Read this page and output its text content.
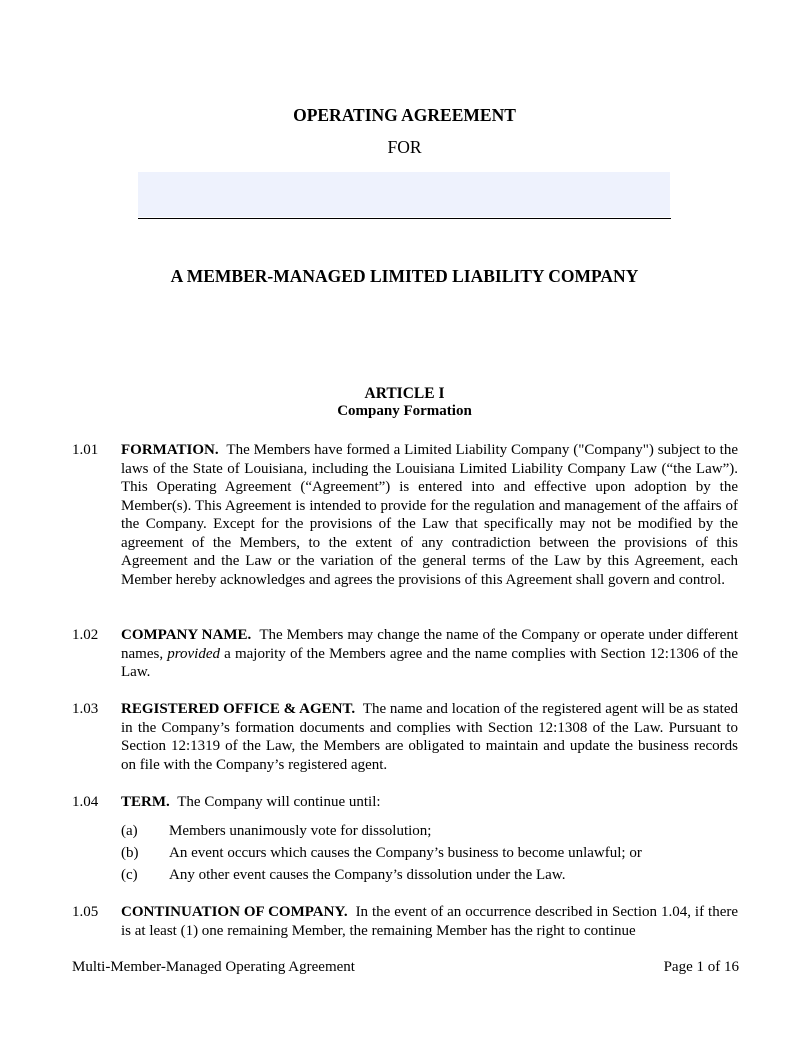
OPERATING AGREEMENT
FOR
A MEMBER-MANAGED LIMITED LIABILITY COMPANY
ARTICLE I
Company Formation
1.01	FORMATION. The Members have formed a Limited Liability Company ("Company") subject to the laws of the State of Louisiana, including the Louisiana Limited Liability Company Law (“the Law”). This Operating Agreement (“Agreement”) is entered into and effective upon adoption by the Member(s). This Agreement is intended to provide for the regulation and management of the affairs of the Company. Except for the provisions of the Law that specifically may not be modified by the agreement of the Members, to the extent of any contradiction between the provisions of this Agreement and the Law or the variation of the general terms of the Law by this Agreement, each Member hereby acknowledges and agrees the provisions of this Agreement shall govern and control.
1.02	COMPANY NAME. The Members may change the name of the Company or operate under different names, provided a majority of the Members agree and the name complies with Section 12:1306 of the Law.
1.03	REGISTERED OFFICE & AGENT. The name and location of the registered agent will be as stated in the Company’s formation documents and complies with Section 12:1308 of the Law. Pursuant to Section 12:1319 of the Law, the Members are obligated to maintain and update the business records on file with the Company’s registered agent.
1.04	TERM. The Company will continue until:
(a)	Members unanimously vote for dissolution;
(b)	An event occurs which causes the Company’s business to become unlawful; or
(c)	Any other event causes the Company’s dissolution under the Law.
1.05	CONTINUATION OF COMPANY. In the event of an occurrence described in Section 1.04, if there is at least (1) one remaining Member, the remaining Member has the right to continue
Multi-Member-Managed Operating Agreement	Page 1 of 16
